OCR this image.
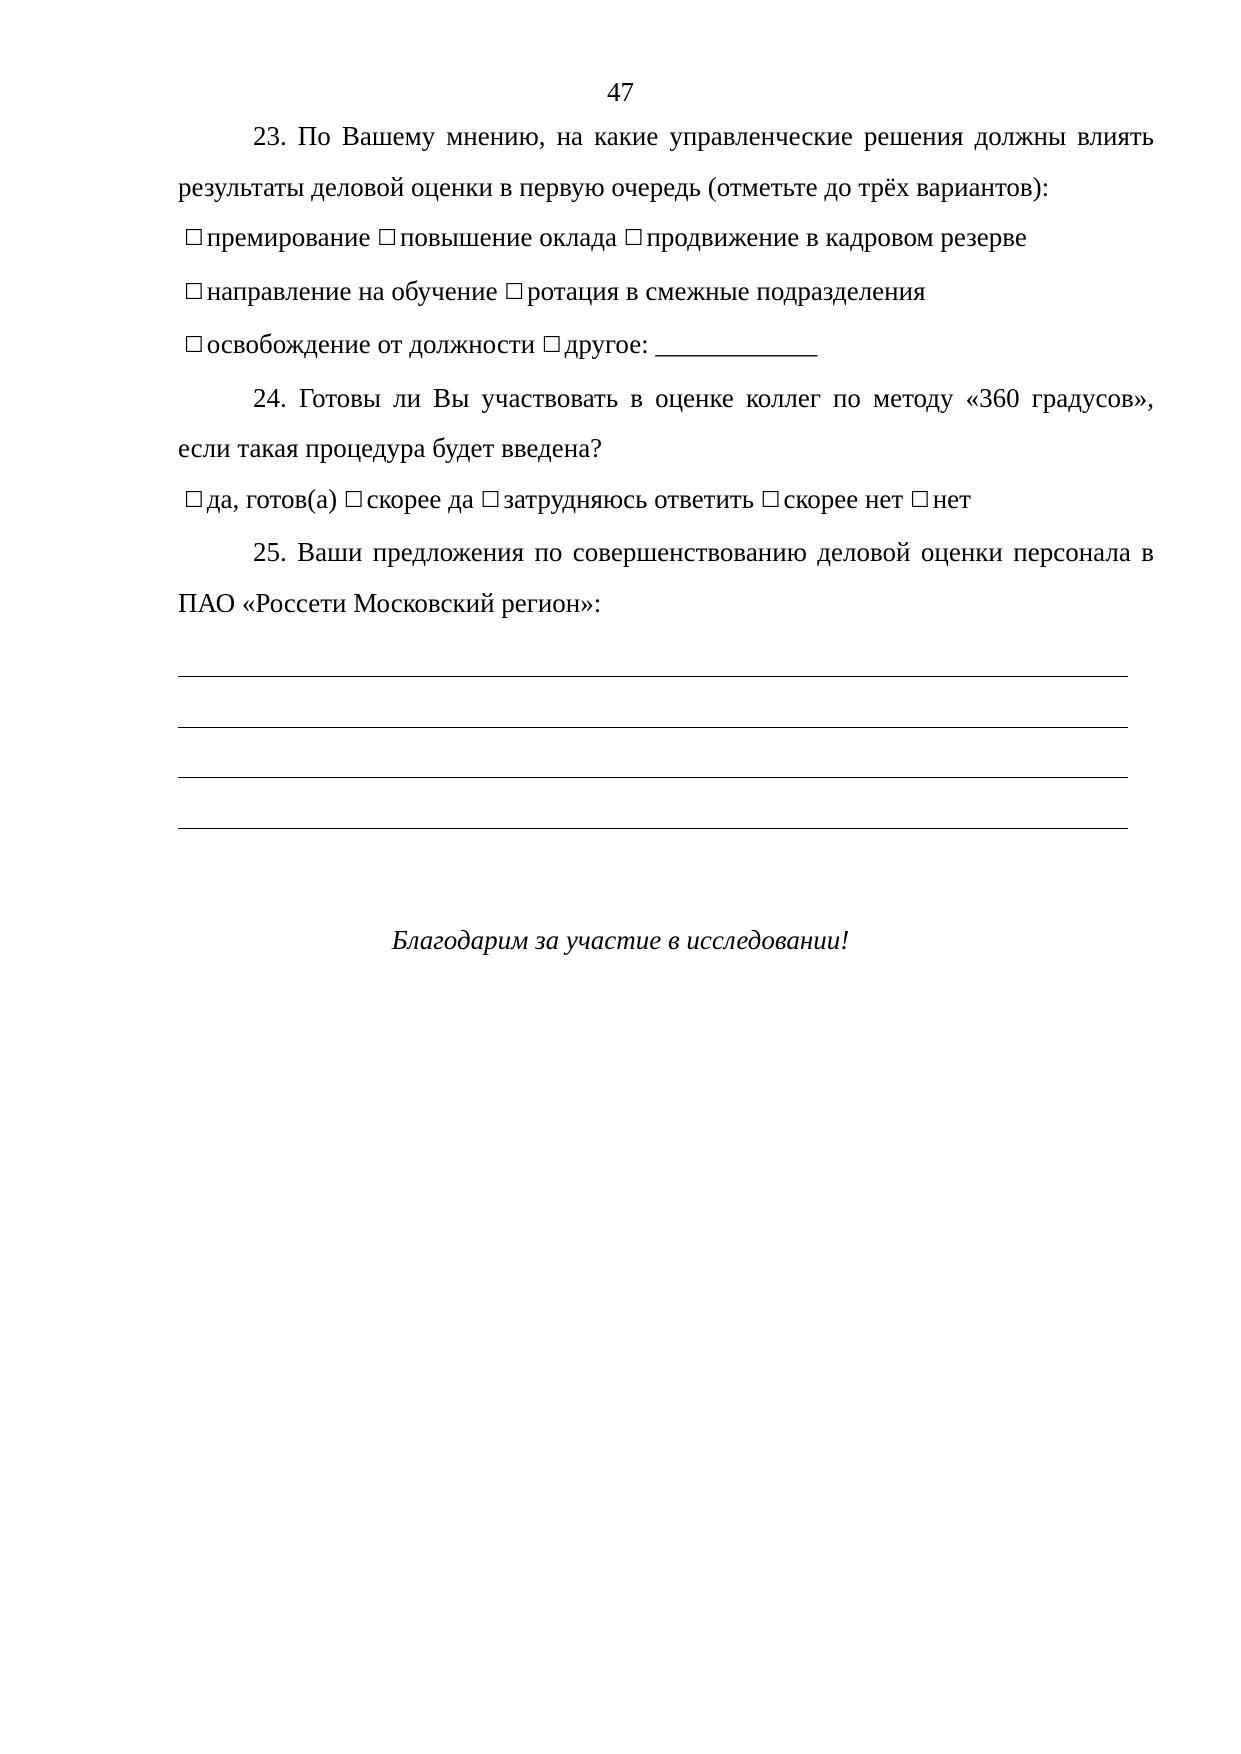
47

23. По Вашему мнению, на какие управленческие решения должны влиять результаты деловой оценки в первую очередь (отметьте до трёх вариантов):

☐ премирование ☐ повышение оклада ☐ продвижение в кадровом резерве
☐ направление на обучение ☐ ротация в смежные подразделения
☐ освобождение от должности ☐ другое: ____________

24. Готовы ли Вы участвовать в оценке коллег по методу «360 градусов», если такая процедура будет введена?

☐ да, готов(а) ☐ скорее да ☐ затрудняюсь ответить ☐ скорее нет ☐ нет

25. Ваши предложения по совершенствованию деловой оценки персонала в ПАО «Россети Московский регион»:

Благодарим за участие в исследовании!
